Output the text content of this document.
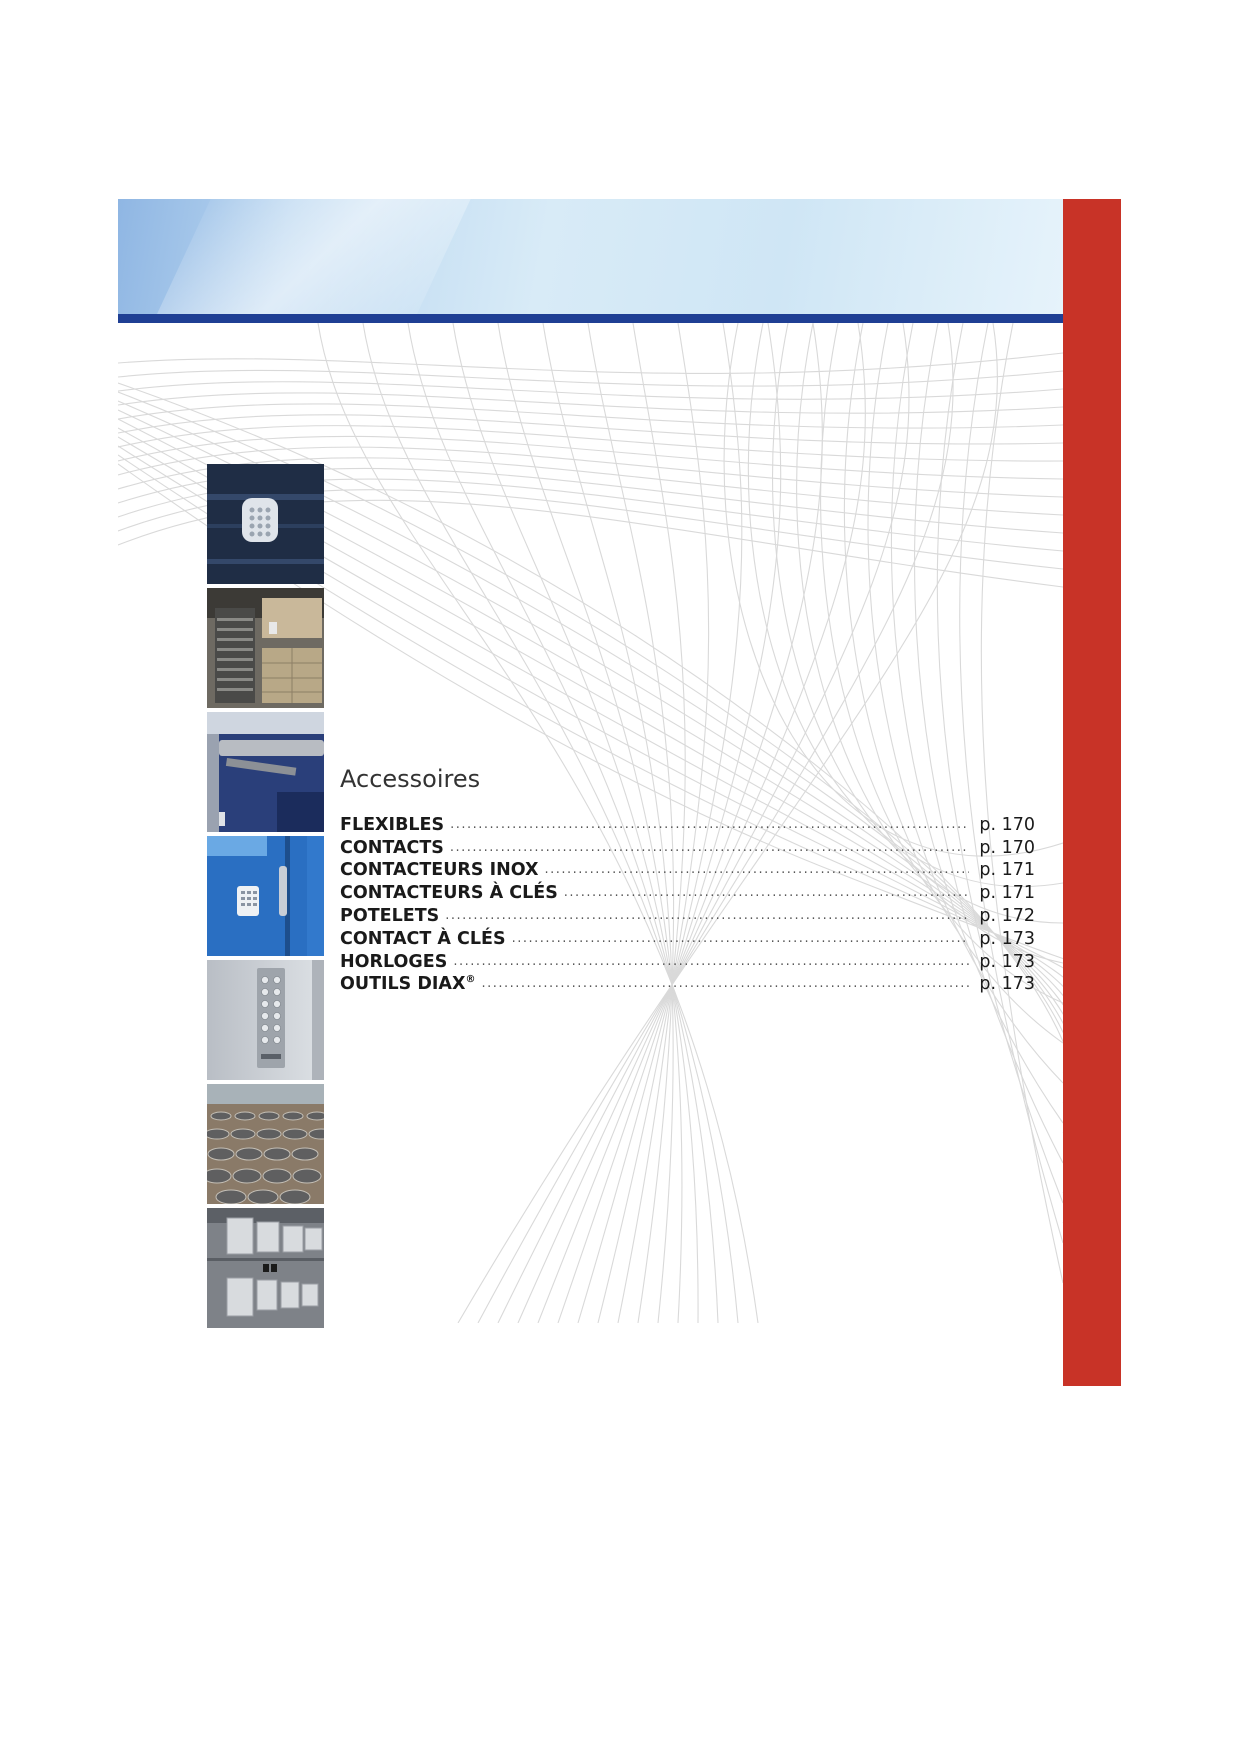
Accessoires
FLEXIBLES .....	p. 170
CONTACTS .....	p. 170
CONTACTEURS INOX .....	p. 171
CONTACTEURS À CLÉS .....	p. 171
POTELETS .....	p. 172
CONTACT À CLÉS .....	p. 173
HORLOGES .....	p. 173
OUTILS DIAX® .....	p. 173
